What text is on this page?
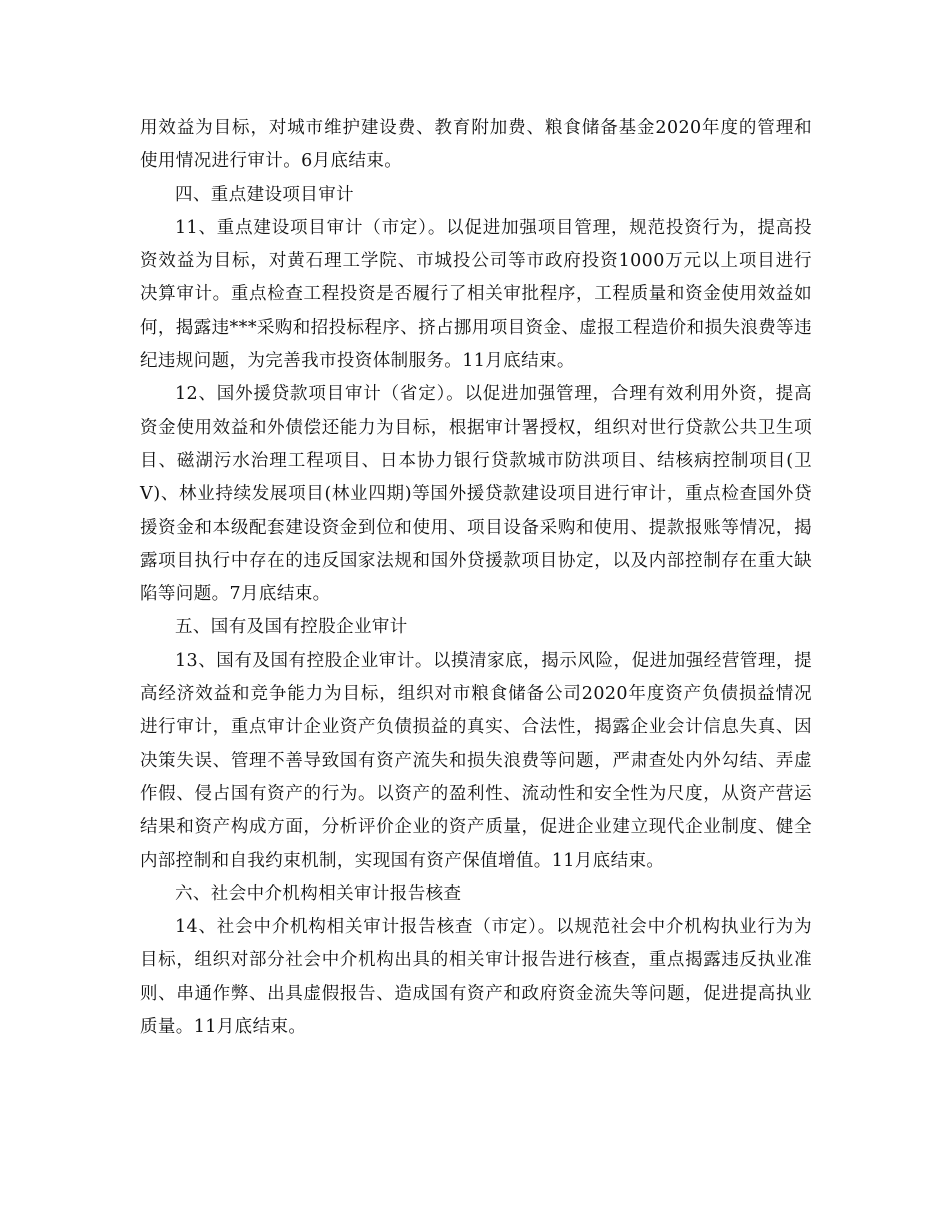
用效益为目标，对城市维护建设费、教育附加费、粮食储备基金2020年度的管理和使用情况进行审计。6月底结束。

四、重点建设项目审计

11、重点建设项目审计（市定）。以促进加强项目管理，规范投资行为，提高投资效益为目标，对黄石理工学院、市城投公司等市政府投资1000万元以上项目进行决算审计。重点检查工程投资是否履行了相关审批程序，工程质量和资金使用效益如何，揭露违***采购和招投标程序、挤占挪用项目资金、虚报工程造价和损失浪费等违纪违规问题，为完善我市投资体制服务。11月底结束。

12、国外援贷款项目审计（省定）。以促进加强管理，合理有效利用外资，提高资金使用效益和外债偿还能力为目标，根据审计署授权，组织对世行贷款公共卫生项目、磁湖污水治理工程项目、日本协力银行贷款城市防洪项目、结核病控制项目(卫Ⅴ)、林业持续发展项目(林业四期)等国外援贷款建设项目进行审计，重点检查国外贷援资金和本级配套建设资金到位和使用、项目设备采购和使用、提款报账等情况，揭露项目执行中存在的违反国家法规和国外贷援款项目协定，以及内部控制存在重大缺陷等问题。7月底结束。

五、国有及国有控股企业审计

13、国有及国有控股企业审计。以摸清家底，揭示风险，促进加强经营管理，提高经济效益和竞争能力为目标，组织对市粮食储备公司2020年度资产负债损益情况进行审计，重点审计企业资产负债损益的真实、合法性，揭露企业会计信息失真、因决策失误、管理不善导致国有资产流失和损失浪费等问题，严肃查处内外勾结、弄虚作假、侵占国有资产的行为。以资产的盈利性、流动性和安全性为尺度，从资产营运结果和资产构成方面，分析评价企业的资产质量，促进企业建立现代企业制度、健全内部控制和自我约束机制，实现国有资产保值增值。11月底结束。

六、社会中介机构相关审计报告核查

14、社会中介机构相关审计报告核查（市定）。以规范社会中介机构执业行为为目标，组织对部分社会中介机构出具的相关审计报告进行核查，重点揭露违反执业准则、串通作弊、出具虚假报告、造成国有资产和政府资金流失等问题，促进提高执业质量。11月底结束。
